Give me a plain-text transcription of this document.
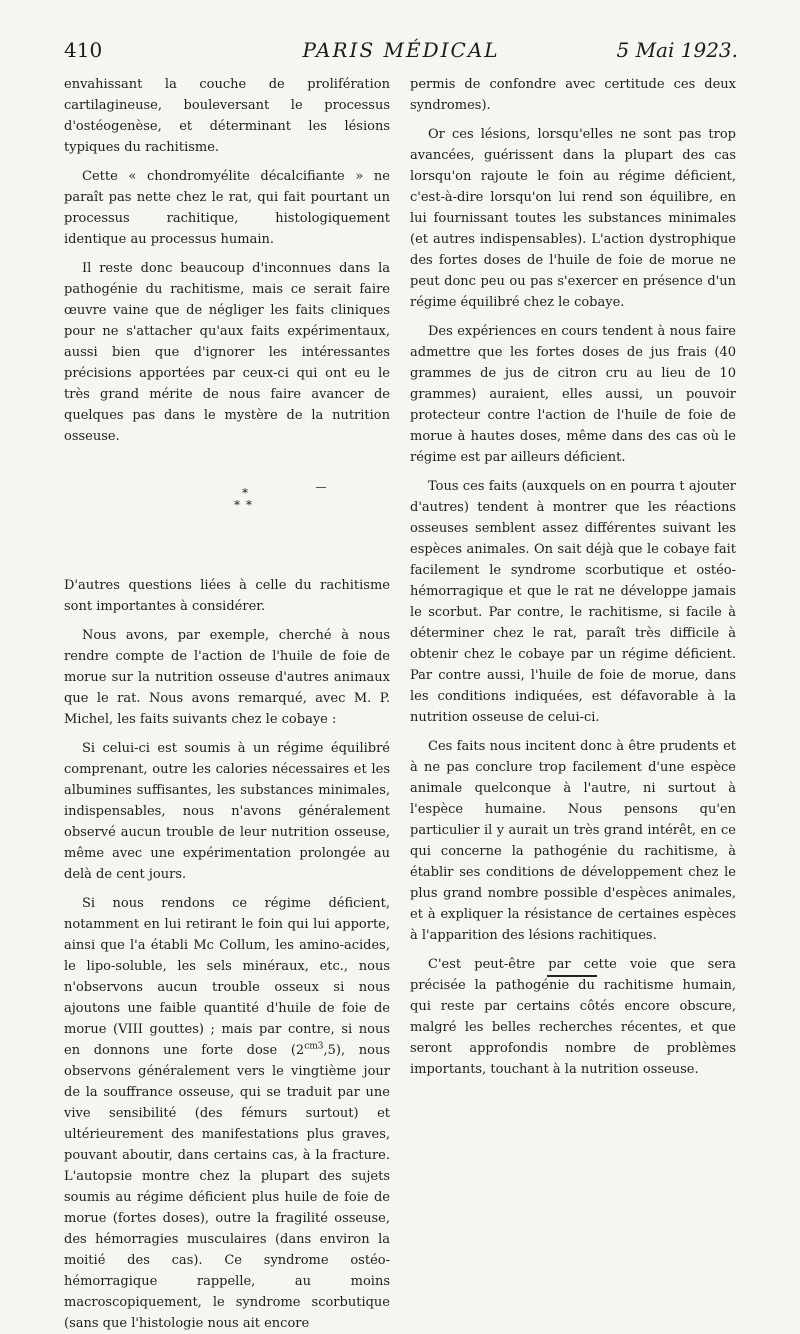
410	PARIS MÉDICAL	5 Mai 1923.

envahissant la couche de prolifération cartilagineuse, bouleversant le processus d'ostéogenèse, et déterminant les lésions typiques du rachitisme.

Cette « chondromyélite décalcifiante » ne paraît pas nette chez le rat, qui fait pourtant un processus rachitique, histologiquement identique au processus humain.

Il reste donc beaucoup d'inconnues dans la pathogénie du rachitisme, mais ce serait faire œuvre vaine que de négliger les faits cliniques pour ne s'attacher qu'aux faits expérimentaux, aussi bien que d'ignorer les intéressantes précisions apportées par ceux-ci qui ont eu le très grand mérite de nous faire avancer de quelques pas dans le mystère de la nutrition osseuse.

*
**

D'autres questions liées à celle du rachitisme sont importantes à considérer.

Nous avons, par exemple, cherché à nous rendre compte de l'action de l'huile de foie de morue sur la nutrition osseuse d'autres animaux que le rat. Nous avons remarqué, avec M. P. Michel, les faits suivants chez le cobaye :

Si celui-ci est soumis à un régime équilibré comprenant, outre les calories nécessaires et les albumines suffisantes, les substances minimales, indispensables, nous n'avons généralement observé aucun trouble de leur nutrition osseuse, même avec une expérimentation prolongée au delà de cent jours.

Si nous rendons ce régime déficient, notamment en lui retirant le foin qui lui apporte, ainsi que l'a établi Mc Collum, les amino-acides, le lipo-soluble, les sels minéraux, etc., nous n'observons aucun trouble osseux si nous ajoutons une faible quantité d'huile de foie de morue (VIII gouttes) ; mais par contre, si nous en donnons une forte dose $(2^{cm3},5)$, nous observons généralement vers le vingtième jour de la souffrance osseuse, qui se traduit par une vive sensibilité (des fémurs surtout) et ultérieurement des manifestations plus graves, pouvant aboutir, dans certains cas, à la fracture. L'autopsie montre chez la plupart des sujets soumis au régime déficient plus huile de foie de morue (fortes doses), outre la fragilité osseuse, des hémorragies musculaires (dans environ la moitié des cas). Ce syndrome ostéo-hémorragique rappelle, au moins macroscopiquement, le syndrome scorbutique (sans que l'histologie nous ait encore

permis de confondre avec certitude ces deux syndromes).

Or ces lésions, lorsqu'elles ne sont pas trop avancées, guérissent dans la plupart des cas lorsqu'on rajoute le foin au régime déficient, c'est-à-dire lorsqu'on lui rend son équilibre, en lui fournissant toutes les substances minimales (et autres indispensables). L'action dystrophique des fortes doses de l'huile de foie de morue ne peut donc peu ou pas s'exercer en présence d'un régime équilibré chez le cobaye.

Des expériences en cours tendent à nous faire admettre que les fortes doses de jus frais (40 grammes de jus de citron cru au lieu de 10 grammes) auraient, elles aussi, un pouvoir protecteur contre l'action de l'huile de foie de morue à hautes doses, même dans des cas où le régime est par ailleurs déficient.

Tous ces faits (auxquels on en pourra t ajouter d'autres) tendent à montrer que les réactions osseuses semblent assez différentes suivant les espèces animales. On sait déjà que le cobaye fait facilement le syndrome scorbutique et ostéo-hémorragique et que le rat ne développe jamais le scorbut. Par contre, le rachitisme, si facile à déterminer chez le rat, paraît très difficile à obtenir chez le cobaye par un régime déficient. Par contre aussi, l'huile de foie de morue, dans les conditions indiquées, est défavorable à la nutrition osseuse de celui-ci.

Ces faits nous incitent donc à être prudents et à ne pas conclure trop facilement d'une espèce animale quelconque à l'autre, ni surtout à l'espèce humaine. Nous pensons qu'en particulier il y aurait un très grand intérêt, en ce qui concerne la pathogénie du rachitisme, à établir ses conditions de développement chez le plus grand nombre possible d'espèces animales, et à expliquer la résistance de certaines espèces à l'apparition des lésions rachitiques.

C'est peut-être par cette voie que sera précisée la pathogénie du rachitisme humain, qui reste par certains côtés encore obscure, malgré les belles recherches récentes, et que seront approfondis nombre de problèmes importants, touchant à la nutrition osseuse.
